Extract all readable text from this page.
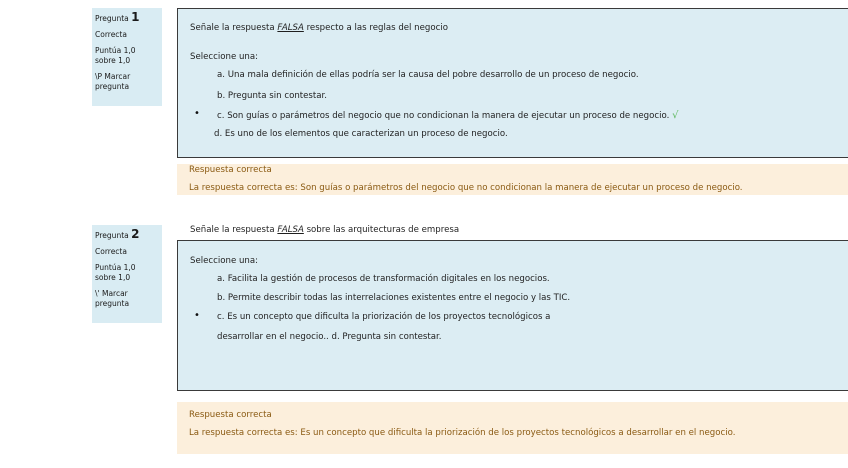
Pregunta 1
Correcta
Puntúa 1,0
sobre 1,0
\P Marcar
pregunta
Señale la respuesta FALSA respecto a las reglas del negocio
Seleccione una:
a. Una mala definición de ellas podría ser la causa del pobre desarrollo de un proceso de negocio.
b. Pregunta sin contestar.
• c. Son guías o parámetros del negocio que no condicionan la manera de ejecutar un proceso de negocio. √
d. Es uno de los elementos que caracterizan un proceso de negocio.
Respuesta correcta
La respuesta correcta es: Son guías o parámetros del negocio que no condicionan la manera de ejecutar un proceso de negocio.
Pregunta 2
Correcta
Puntúa 1,0
sobre 1,0
\' Marcar
pregunta
Señale la respuesta FALSA sobre las arquitecturas de empresa
Seleccione una:
a. Facilita la gestión de procesos de transformación digitales en los negocios.
b. Permite describir todas las interrelaciones existentes entre el negocio y las TIC.
• c. Es un concepto que dificulta la priorización de los proyectos tecnológicos a
desarrollar en el negocio.. d. Pregunta sin contestar.
Respuesta correcta
La respuesta correcta es: Es un concepto que dificulta la priorización de los proyectos tecnológicos a desarrollar en el negocio.
